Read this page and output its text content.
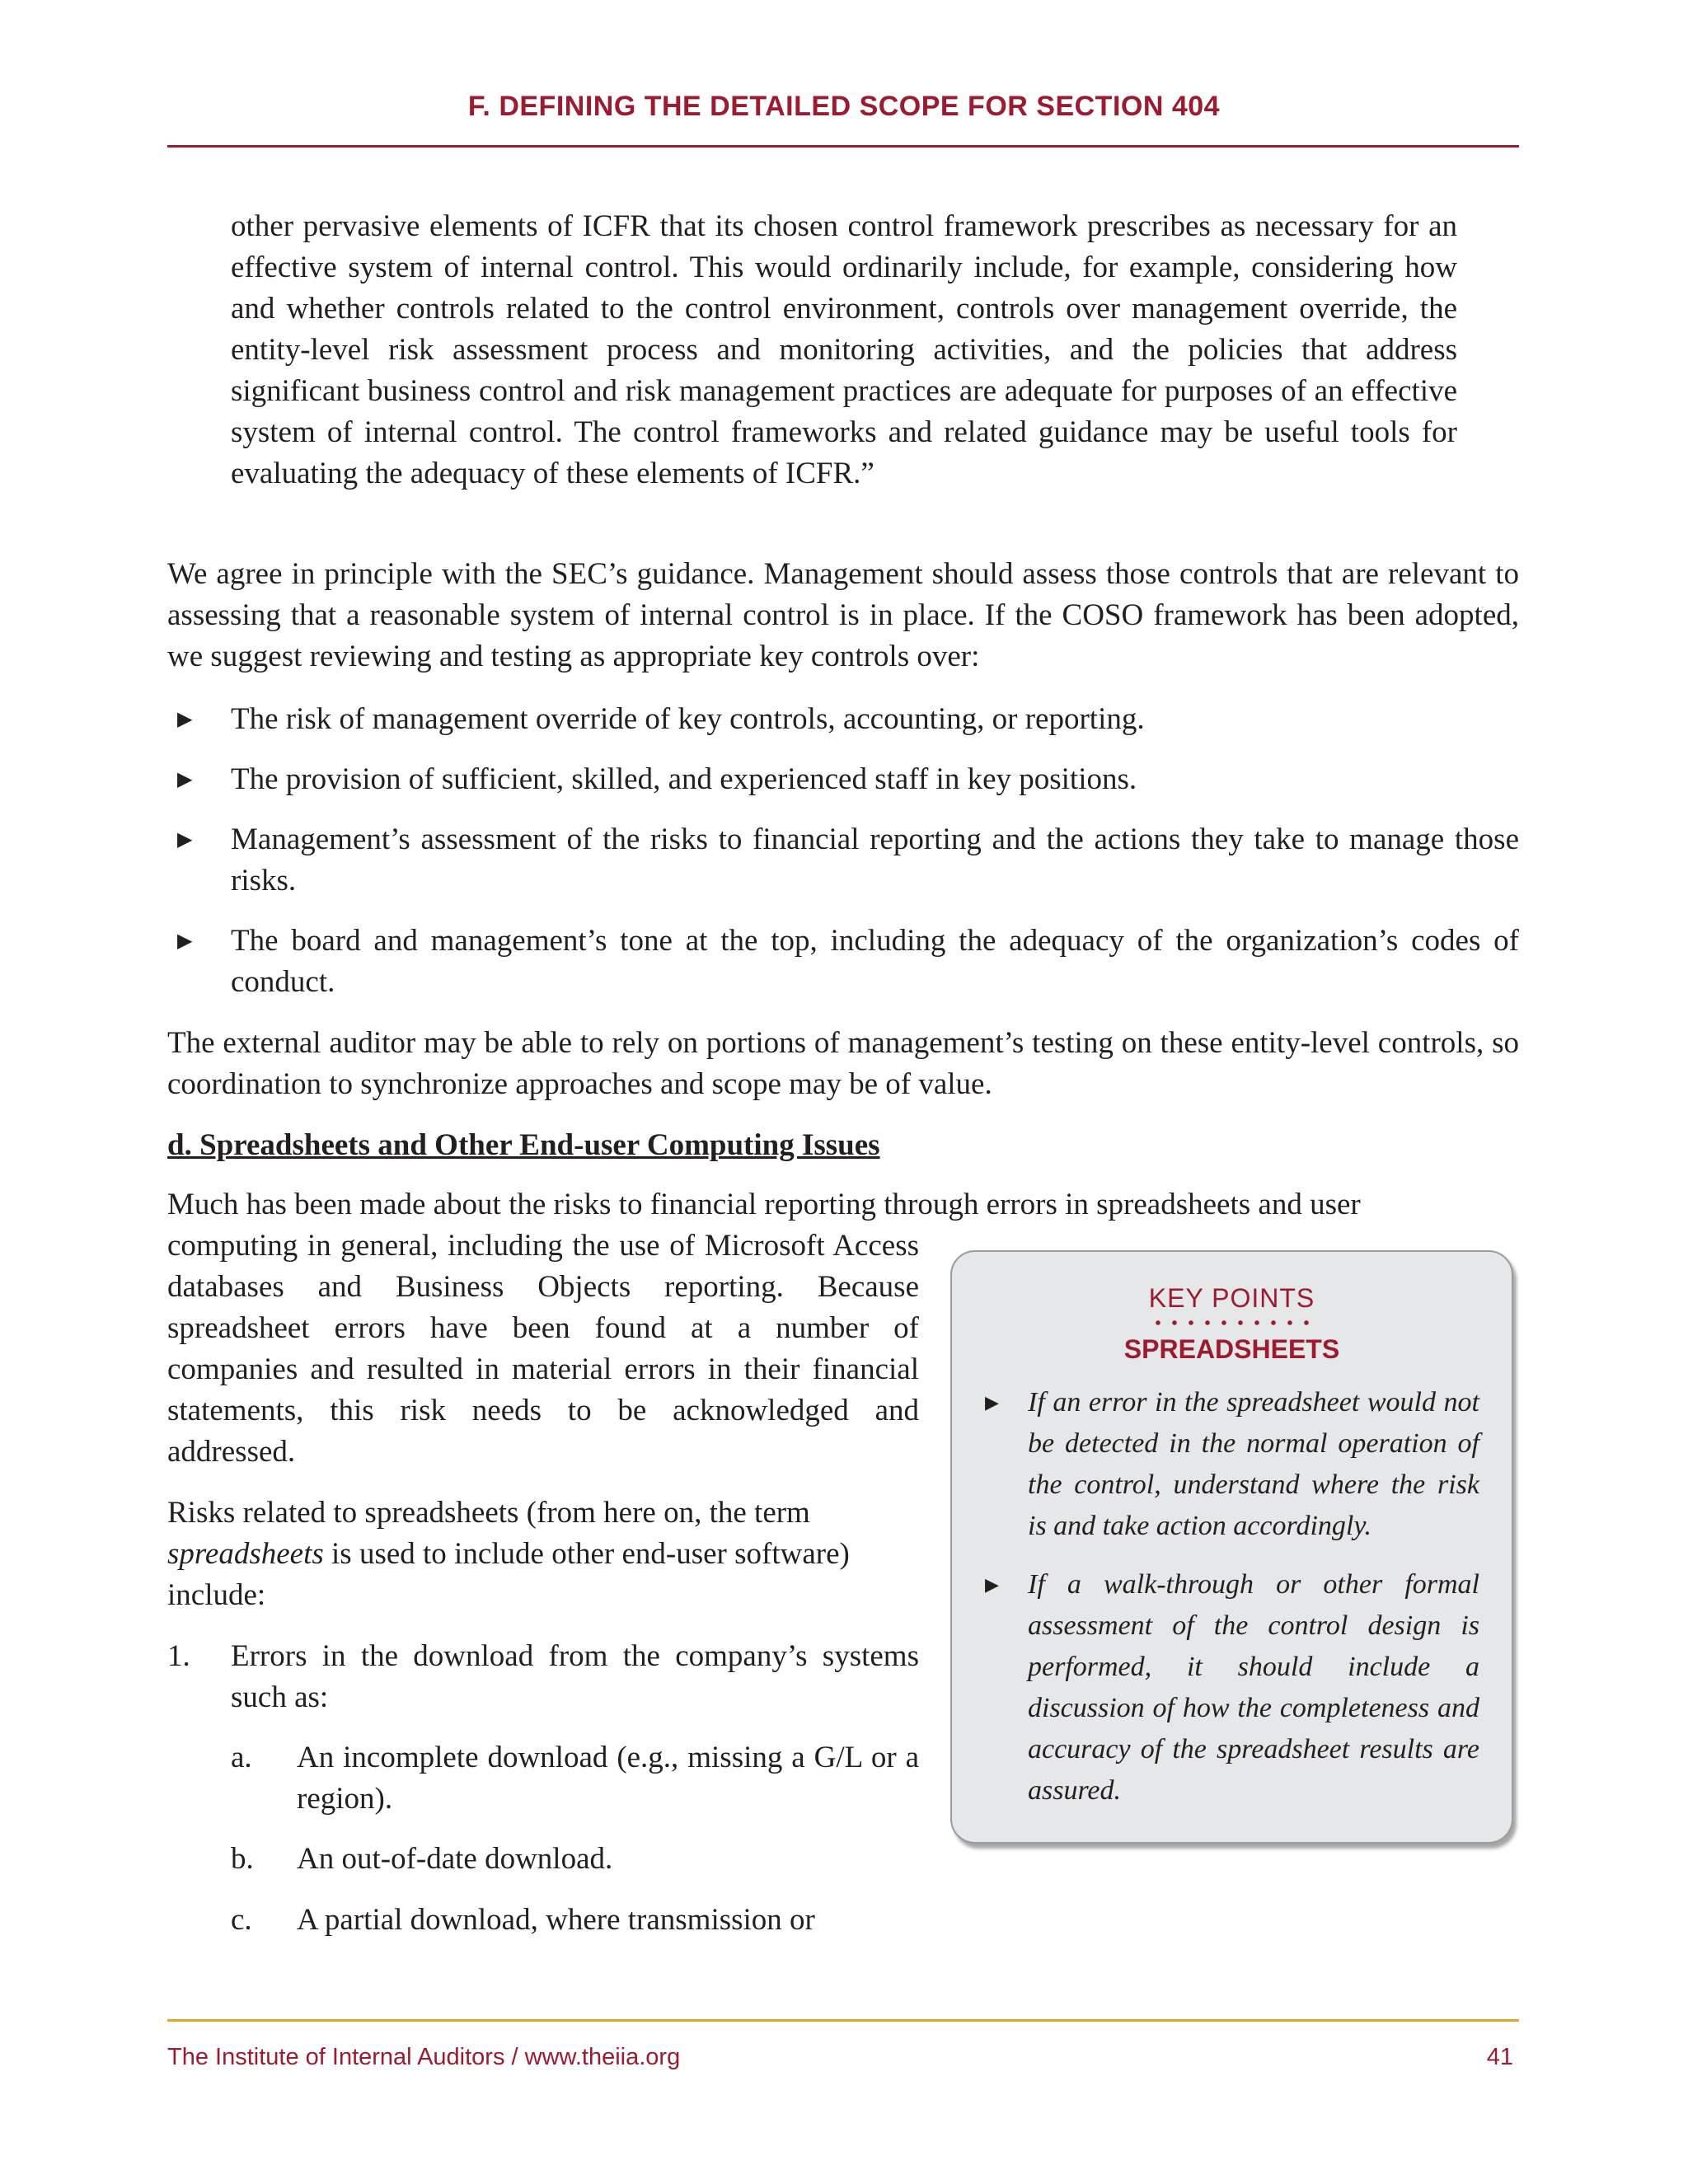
F. DEFINING THE DETAILED SCOPE FOR SECTION 404

other pervasive elements of ICFR that its chosen control framework prescribes as necessary for an effective system of internal control. This would ordinarily include, for example, considering how and whether controls related to the control environment, controls over management override, the entity-level risk assessment process and monitoring activities, and the policies that address significant business control and risk management practices are adequate for purposes of an effective system of internal control. The control frameworks and related guidance may be useful tools for evaluating the adequacy of these elements of ICFR.”

We agree in principle with the SEC’s guidance. Management should assess those controls that are relevant to assessing that a reasonable system of internal control is in place. If the COSO framework has been adopted, we suggest reviewing and testing as appropriate key controls over:

▶ The risk of management override of key controls, accounting, or reporting.
▶ The provision of sufficient, skilled, and experienced staff in key positions.
▶ Management’s assessment of the risks to financial reporting and the actions they take to manage those risks.
▶ The board and management’s tone at the top, including the adequacy of the organization’s codes of conduct.

The external auditor may be able to rely on portions of management’s testing on these entity-level controls, so coordination to synchronize approaches and scope may be of value.

d. Spreadsheets and Other End-user Computing Issues

Much has been made about the risks to financial reporting through errors in spreadsheets and user

computing in general, including the use of Microsoft Access databases and Business Objects reporting. Because spreadsheet errors have been found at a number of companies and resulted in material errors in their financial statements, this risk needs to be acknowledged and addressed.

Risks related to spreadsheets (from here on, the term spreadsheets is used to include other end-user software) include:

1. Errors in the download from the company’s systems such as:
a. An incomplete download (e.g., missing a G/L or a region).
b. An out-of-date download.
c. A partial download, where transmission or
KEY POINTS
SPREADSHEETS
▶ If an error in the spreadsheet would not be detected in the normal operation of the control, understand where the risk is and take action accordingly.
▶ If a walk-through or other formal assessment of the control design is performed, it should include a discussion of how the completeness and accuracy of the spreadsheet results are assured.
The Institute of Internal Auditors / www.theiia.org	41
